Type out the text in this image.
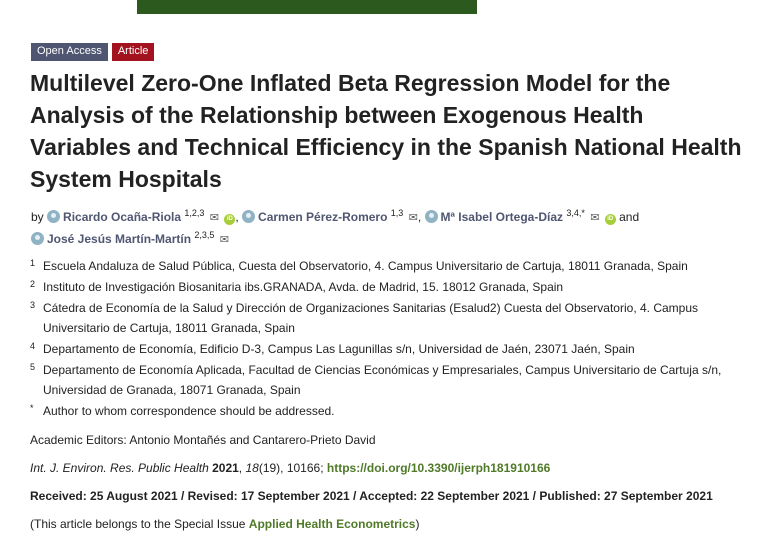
Open Access	Article
Multilevel Zero-One Inflated Beta Regression Model for the Analysis of the Relationship between Exogenous Health Variables and Technical Efficiency in the Spanish National Health System Hospitals
by Ricardo Ocaña-Riola $^{1,2,3}$ ✉ iD , Carmen Pérez-Romero $^{1,3}$ ✉, Mª Isabel Ortega-Díaz $^{3,4,*}$ ✉ iD and
José Jesús Martín-Martín $^{2,3,5}$ ✉
1 Escuela Andaluza de Salud Pública, Cuesta del Observatorio, 4. Campus Universitario de Cartuja, 18011 Granada, Spain
2 Instituto de Investigación Biosanitaria ibs.GRANADA, Avda. de Madrid, 15. 18012 Granada, Spain
3 Cátedra de Economía de la Salud y Dirección de Organizaciones Sanitarias (Esalud2) Cuesta del Observatorio, 4. Campus Universitario de Cartuja, 18011 Granada, Spain
4 Departamento de Economía, Edificio D-3, Campus Las Lagunillas s/n, Universidad de Jaén, 23071 Jaén, Spain
5 Departamento de Economía Aplicada, Facultad de Ciencias Económicas y Empresariales, Campus Universitario de Cartuja s/n, Universidad de Granada, 18071 Granada, Spain
* Author to whom correspondence should be addressed.
Academic Editors: Antonio Montañés and Cantarero-Prieto David
Int. J. Environ. Res. Public Health 2021, 18(19), 10166; https://doi.org/10.3390/ijerph181910166
Received: 25 August 2021 / Revised: 17 September 2021 / Accepted: 22 September 2021 / Published: 27 September 2021
(This article belongs to the Special Issue Applied Health Econometrics)
